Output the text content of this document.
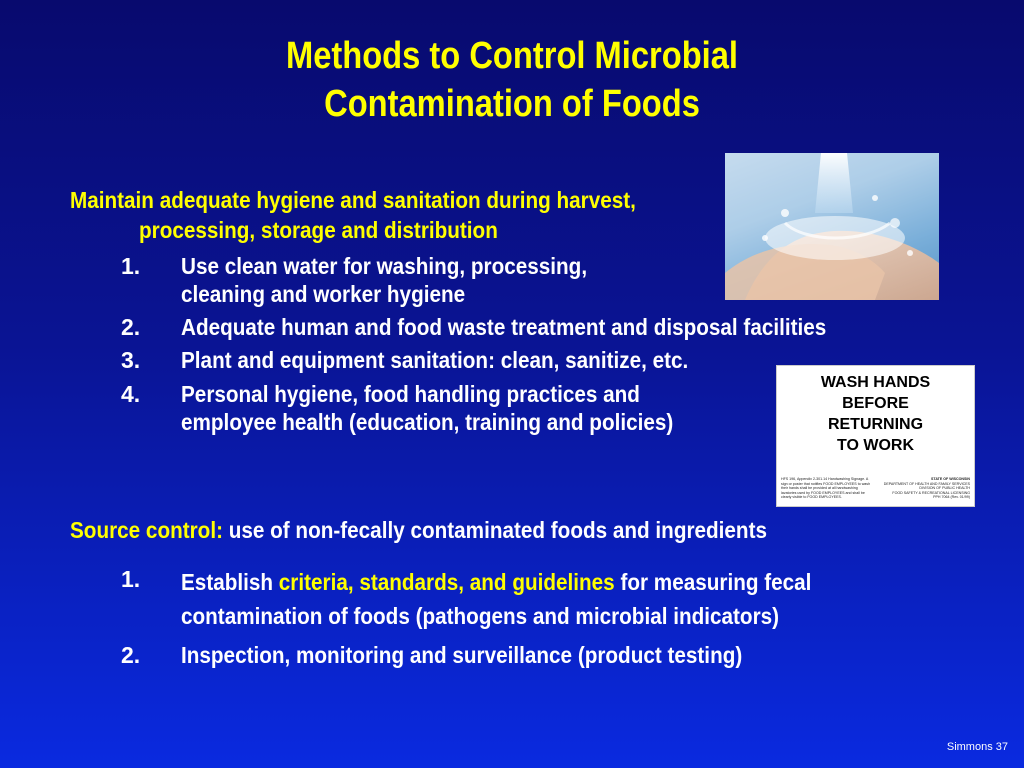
Methods to Control Microbial
Contamination of Foods
Maintain adequate hygiene and sanitation during harvest,
processing, storage and distribution
1. Use clean water for washing, processing,
cleaning and worker hygiene
2. Adequate human and food waste treatment and disposal facilities
3. Plant and equipment sanitation: clean, sanitize, etc.
4. Personal hygiene, food handling practices and
employee health (education, training and policies)
Source control: use of non-fecally contaminated foods and ingredients
1. Establish criteria, standards, and guidelines for measuring fecal
contamination of foods (pathogens and microbial indicators)
2. Inspection, monitoring and surveillance (product testing)
WASH HANDS
BEFORE
RETURNING
TO WORK
HFS 196, Appendix 2-301.14 Handwashing Signage. A
sign or poster that notifies FOOD EMPLOYEES to wash
their hands shall be provided at all handwashing
lavatories used by FOOD EMPLOYEES and shall be
clearly visible to FOOD EMPLOYEES.
STATE OF WISCONSIN
DEPARTMENT OF HEALTH AND FAMILY SERVICES
DIVISION OF PUBLIC HEALTH
FOOD SAFETY & RECREATIONAL LICENSING
PPH 7064 (Rev. 01/99)
Simmons 37
